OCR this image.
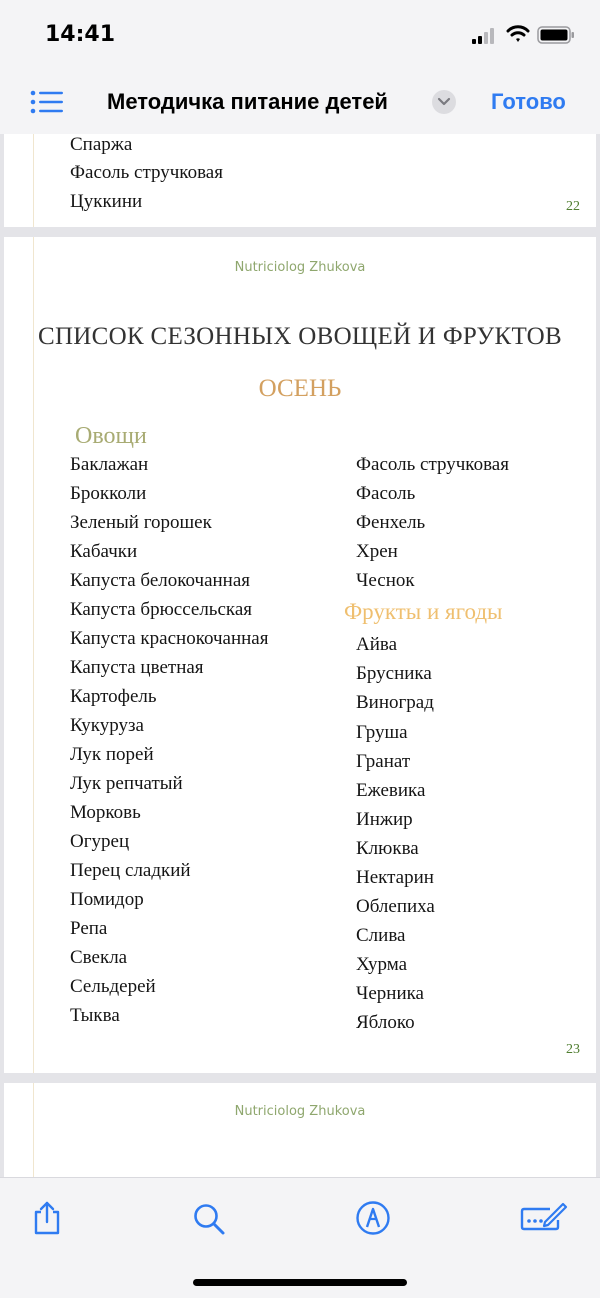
14:41
Методичка питание детей	Готово
Спаржа
Фасоль стручковая
Цуккини	22
Nutriciolog Zhukova
СПИСОК СЕЗОННЫХ ОВОЩЕЙ И ФРУКТОВ
ОСЕНЬ
Овощи
Баклажан
Брокколи
Зеленый горошек
Кабачки
Капуста белокочанная
Капуста брюссельская
Капуста краснокочанная
Капуста цветная
Картофель
Кукуруза
Лук порей
Лук репчатый
Морковь
Огурец
Перец сладкий
Помидор
Репа
Свекла
Сельдерей
Тыква
Фасоль стручковая
Фасоль
Фенхель
Хрен
Чеснок
Фрукты и ягоды
Айва
Брусника
Виноград
Груша
Гранат
Ежевика
Инжир
Клюква
Нектарин
Облепиха
Слива
Хурма
Черника
Яблоко
23
Nutriciolog Zhukova
